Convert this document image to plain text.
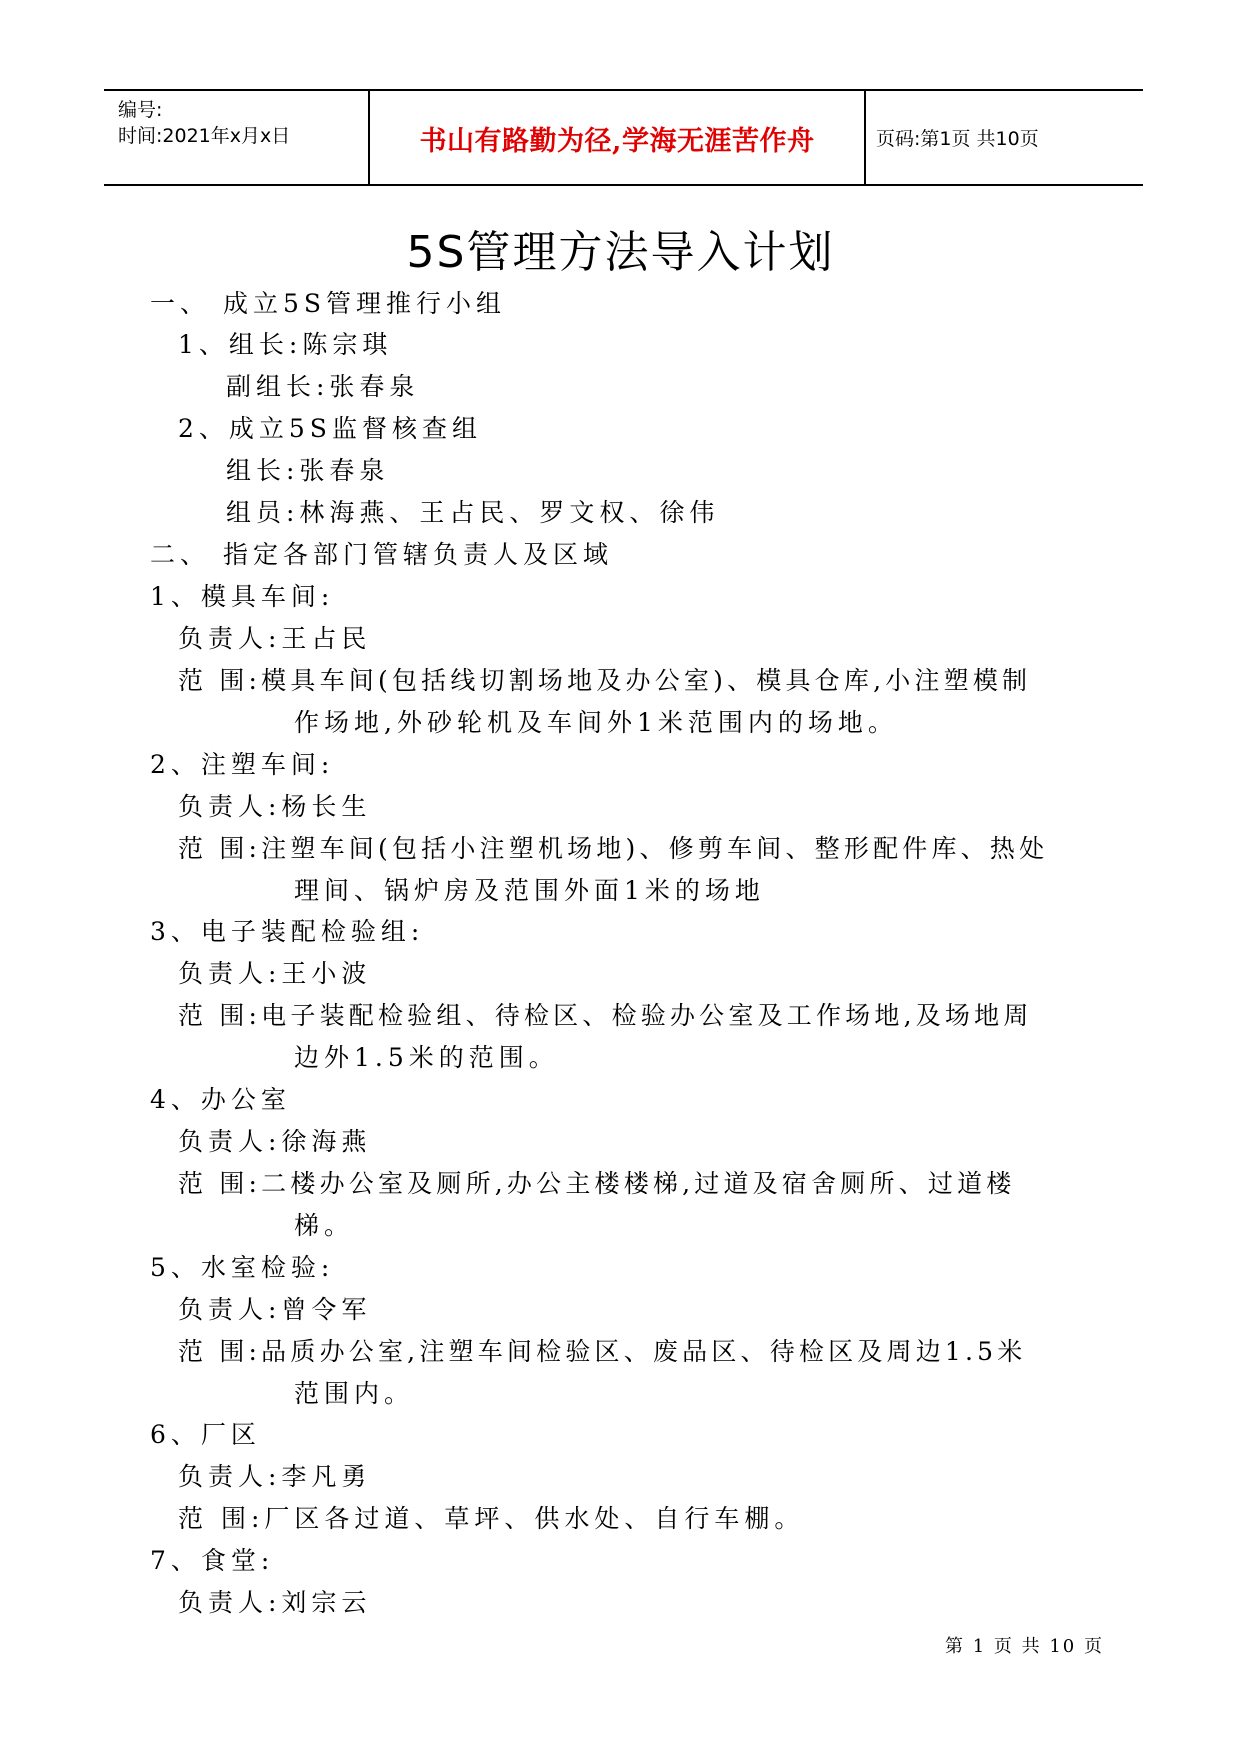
编号:
时间:2021年x月x日	书山有路勤为径,学海无涯苦作舟	页码:第1页 共10页
5S管理方法导入计划
一、 成立5S管理推行小组
1、组长:陈宗琪
副组长:张春泉
2、成立5S监督核查组
组长:张春泉
组员:林海燕、王占民、罗文权、徐伟
二、 指定各部门管辖负责人及区域
1、模具车间:
负责人:王占民
范 围:模具车间(包括线切割场地及办公室)、模具仓库,小注塑模制
作场地,外砂轮机及车间外1米范围内的场地。
2、注塑车间:
负责人:杨长生
范 围:注塑车间(包括小注塑机场地)、修剪车间、整形配件库、热处
理间、锅炉房及范围外面1米的场地
3、电子装配检验组:
负责人:王小波
范 围:电子装配检验组、待检区、检验办公室及工作场地,及场地周
边外1.5米的范围。
4、办公室
负责人:徐海燕
范 围:二楼办公室及厕所,办公主楼楼梯,过道及宿舍厕所、过道楼
梯。
5、水室检验:
负责人:曾令军
范 围:品质办公室,注塑车间检验区、废品区、待检区及周边1.5米
范围内。
6、厂区
负责人:李凡勇
范 围:厂区各过道、草坪、供水处、自行车棚。
7、食堂:
负责人:刘宗云
第 1 页 共 10 页
